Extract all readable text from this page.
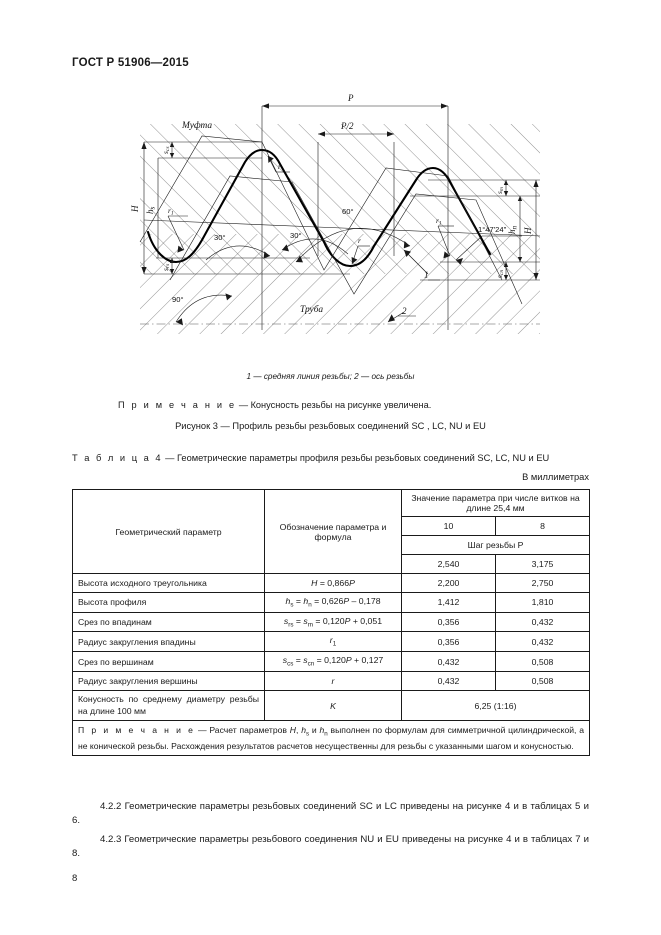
ГОСТ Р 51906—2015
P
P/2
H hs
scs
srs
H
hn
sm
scn
60°
30°	30°
90°
1°47'24"
r1
r1
r
r
1
2
Муфта
Труба
1 — средняя линия резьбы; 2 — ось резьбы
П р и м е ч а н и е — Конусность резьбы на рисунке увеличена.
Рисунок 3 — Профиль резьбы резьбовых соединений SC , LC, NU и EU
Т а б л и ц а 4 — Геометрические параметры профиля резьбы резьбовых соединений SC, LC, NU и EU
В миллиметрах
Геометрический параметр	Обозначение параметра и формула	Значение параметра при числе витков на длине 25,4 мм	
		10	8
		Шаг резьбы P	
		2,540	3,175
Высота исходного треугольника	H = 0,866P	2,200	2,750
Высота профиля	$h_s = h_n = 0,626P - 0,178$	1,412	1,810
Срез по впадинам	$s_{rs} = s_m = 0,120P + 0,051$	0,356	0,432
Радиус закругления впадины	$r_1$	0,356	0,432
Срез по вершинам	$s_{cs} = s_{cn} = 0,120P + 0,127$	0,432	0,508
Радиус закругления вершины	r	0,432	0,508
Конусность по среднему диаметру резьбы на длине 100 мм	K	6,25 (1:16)	
П р и м е ч а н и е — Расчет параметров H, $h_s$ и $h_n$ выполнен по формулам для симметричной цилиндрической, а не конической резьбы. Расхождения результатов расчетов несущественны для резьбы с указанными шагом и конусностью.			
4.2.2 Геометрические параметры резьбовых соединений SC и LC приведены на рисунке 4 и в таблицах 5 и 6.
4.2.3 Геометрические параметры резьбового соединения NU и EU приведены на рисунке 4 и в таблицах 7 и 8.
8
